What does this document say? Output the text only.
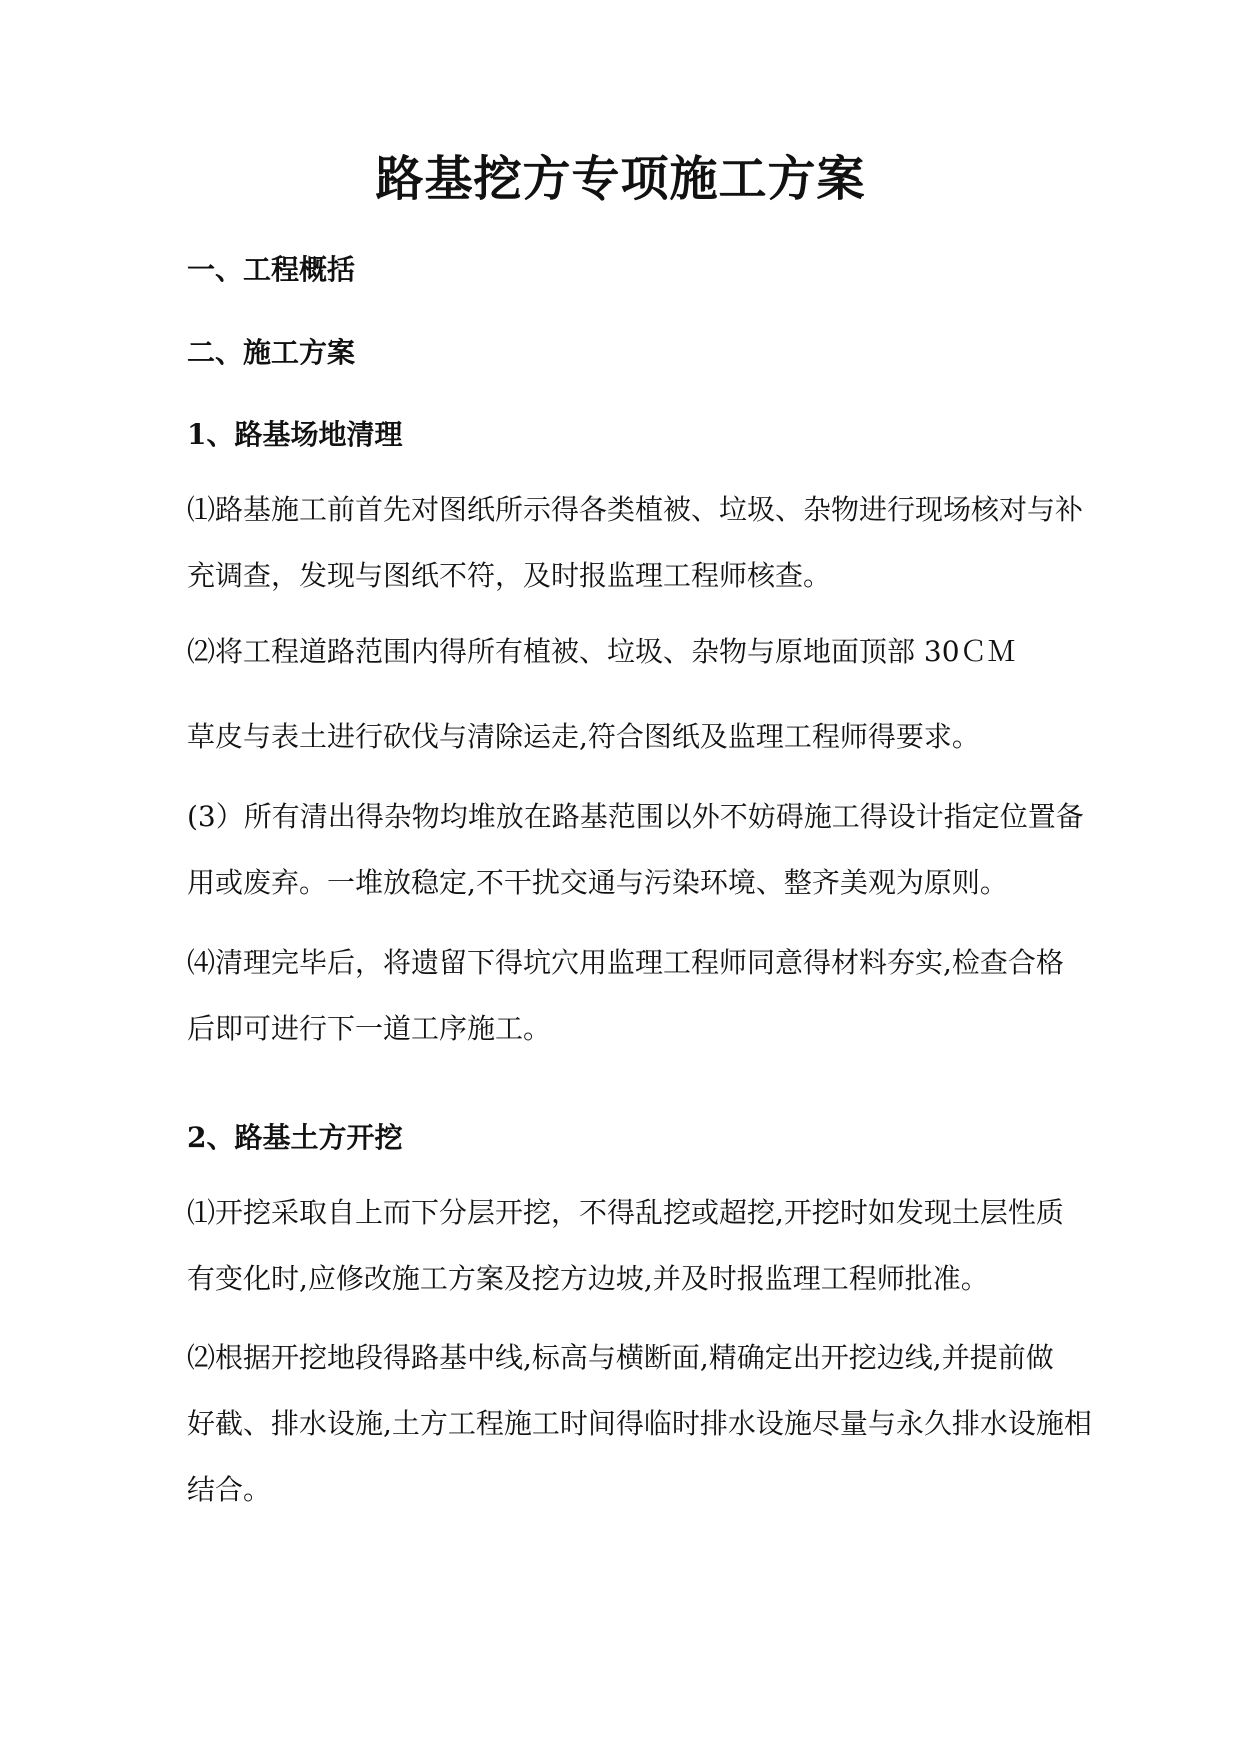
路基挖方专项施工方案
一、工程概括
二、施工方案
1、路基场地清理
⑴路基施工前首先对图纸所示得各类植被、垃圾、杂物进行现场核对与补
充调查，发现与图纸不符，及时报监理工程师核查。
⑵将工程道路范围内得所有植被、垃圾、杂物与原地面顶部 30ＣＭ
草皮与表土进行砍伐与清除运走,符合图纸及监理工程师得要求。
(3）所有清出得杂物均堆放在路基范围以外不妨碍施工得设计指定位置备
用或废弃。一堆放稳定,不干扰交通与污染环境、整齐美观为原则。
⑷清理完毕后，将遗留下得坑穴用监理工程师同意得材料夯实,检查合格
后即可进行下一道工序施工。
2、路基土方开挖
⑴开挖采取自上而下分层开挖，不得乱挖或超挖,开挖时如发现土层性质
有变化时,应修改施工方案及挖方边坡,并及时报监理工程师批准。
⑵根据开挖地段得路基中线,标高与横断面,精确定出开挖边线,并提前做
好截、排水设施,土方工程施工时间得临时排水设施尽量与永久排水设施相
结合。
